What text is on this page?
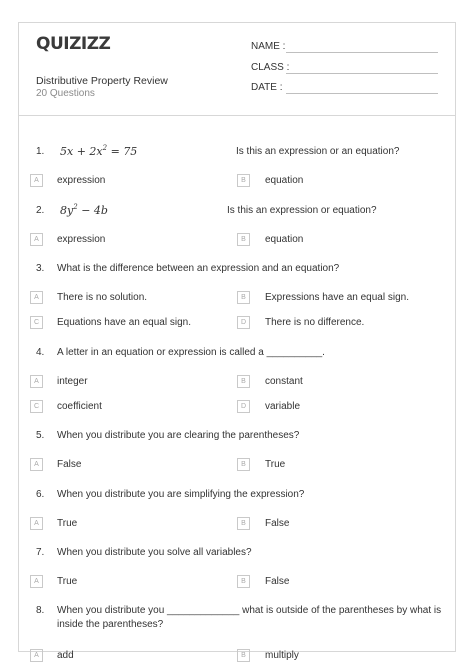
QUIZIZZ
Distributive Property Review
20 Questions
NAME :
CLASS :
DATE :
1. $5x + 2x^2 = 75$	Is this an expression or an equation?
A	expression	B	equation
2. $8y^2 - 4b$	Is this an expression or equation?
A	expression	B	equation
3. What is the difference between an expression and an equation?
A	There is no solution.	B	Expressions have an equal sign.
C	Equations have an equal sign.	D	There is no difference.
4. A letter in an equation or expression is called a __________.
A	integer	B	constant
C	coefficient	D	variable
5. When you distribute you are clearing the parentheses?
A	False	B	True
6. When you distribute you are simplifying the expression?
A	True	B	False
7. When you distribute you solve all variables?
A	True	B	False
8. When you distribute you _____________ what is outside of the parentheses by what is
inside the parentheses?
A	add	B	multiply
